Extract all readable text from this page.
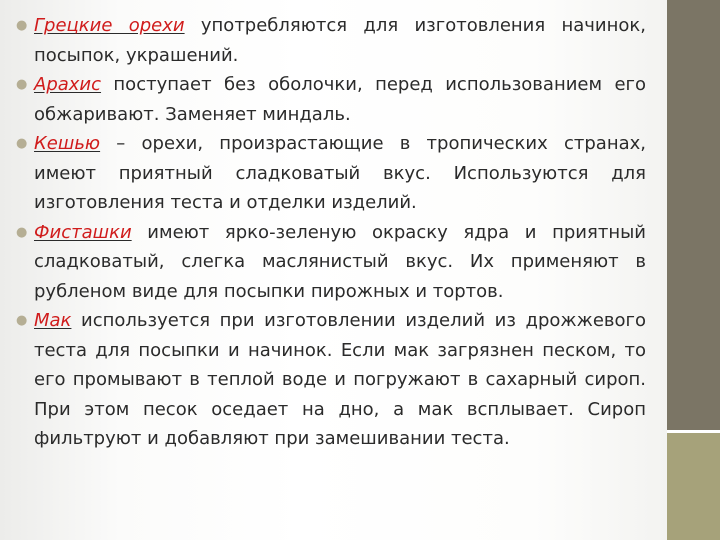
● Грецкие орехи употребляются для изготовления начинок, посыпок, украшений.
● Арахис поступает без оболочки, перед использованием его обжаривают. Заменяет миндаль.
● Кешью – орехи, произрастающие в тропических странах, имеют приятный сладковатый вкус. Используются для изготовления теста и отделки изделий.
● Фисташки имеют ярко-зеленую окраску ядра и приятный сладковатый, слегка маслянистый вкус. Их применяют в рубленом виде для посыпки пирожных и тортов.
● Мак используется при изготовлении изделий из дрожжевого теста для посыпки и начинок. Если мак загрязнен песком, то его промывают в теплой воде и погружают в сахарный сироп. При этом песок оседает на дно, а мак всплывает. Сироп фильтруют и добавляют при замешивании теста.
